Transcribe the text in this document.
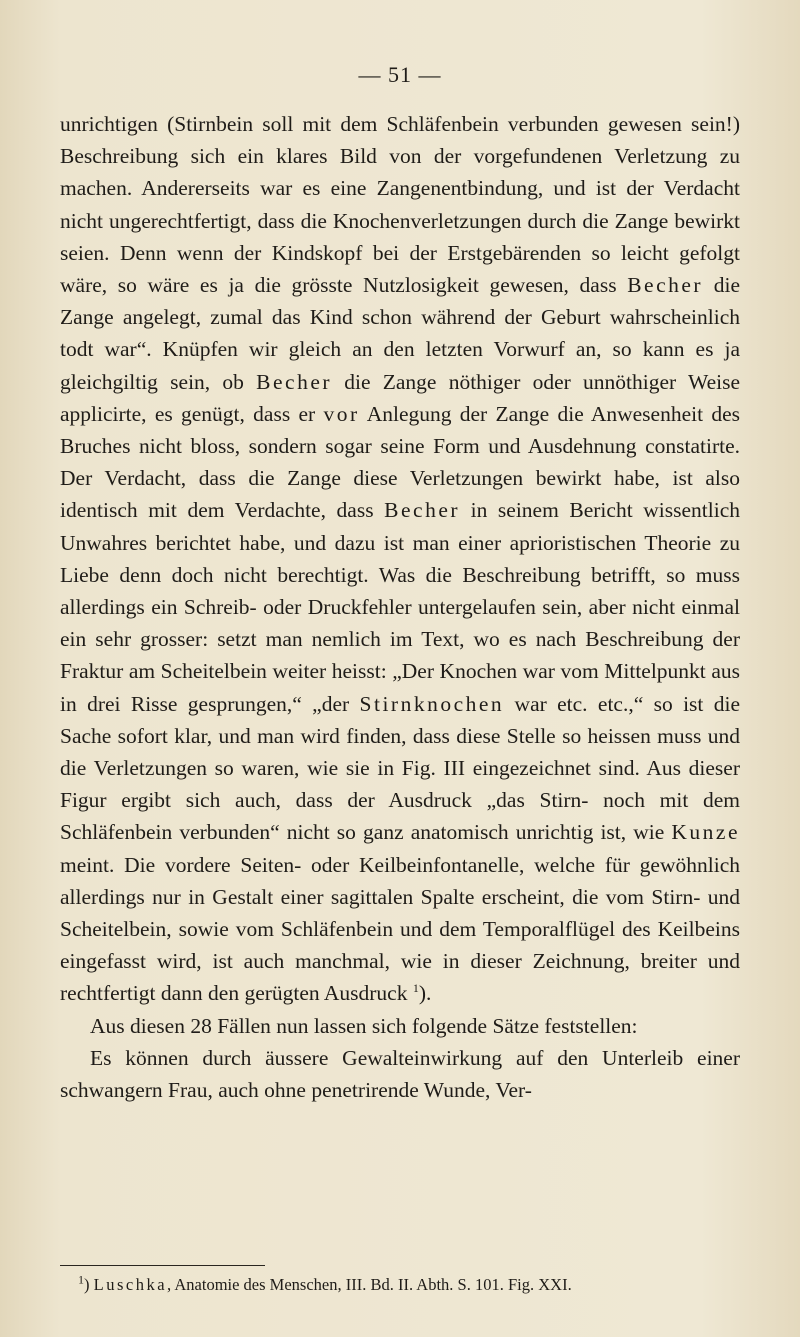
— 51 —

unrichtigen (Stirnbein soll mit dem Schläfenbein verbunden gewesen sein!) Beschreibung sich ein klares Bild von der vorgefundenen Verletzung zu machen. Andererseits war es eine Zangenentbindung, und ist der Verdacht nicht ungerechtfertigt, dass die Knochenverletzungen durch die Zange bewirkt seien. Denn wenn der Kindskopf bei der Erstgebärenden so leicht gefolgt wäre, so wäre es ja die grösste Nutzlosigkeit gewesen, dass Becher die Zange angelegt, zumal das Kind schon während der Geburt wahrscheinlich todt war“. Knüpfen wir gleich an den letzten Vorwurf an, so kann es ja gleichgiltig sein, ob Becher die Zange nöthiger oder unnöthiger Weise applicirte, es genügt, dass er vor Anlegung der Zange die Anwesenheit des Bruches nicht bloss, sondern sogar seine Form und Ausdehnung constatirte. Der Verdacht, dass die Zange diese Verletzungen bewirkt habe, ist also identisch mit dem Verdachte, dass Becher in seinem Bericht wissentlich Unwahres berichtet habe, und dazu ist man einer aprioristischen Theorie zu Liebe denn doch nicht berechtigt. Was die Beschreibung betrifft, so muss allerdings ein Schreib- oder Druckfehler untergelaufen sein, aber nicht einmal ein sehr grosser: setzt man nemlich im Text, wo es nach Beschreibung der Fraktur am Scheitelbein weiter heisst: „Der Knochen war vom Mittelpunkt aus in drei Risse gesprungen,“ „der Stirnknochen war etc. etc.,“ so ist die Sache sofort klar, und man wird finden, dass diese Stelle so heissen muss und die Verletzungen so waren, wie sie in Fig. III eingezeichnet sind. Aus dieser Figur ergibt sich auch, dass der Ausdruck „das Stirn- noch mit dem Schläfenbein verbunden“ nicht so ganz anatomisch unrichtig ist, wie Kunze meint. Die vordere Seiten- oder Keilbeinfontanelle, welche für gewöhnlich allerdings nur in Gestalt einer sagittalen Spalte erscheint, die vom Stirn- und Scheitelbein, sowie vom Schläfenbein und dem Temporalflügel des Keilbeins eingefasst wird, ist auch manchmal, wie in dieser Zeichnung, breiter und rechtfertigt dann den gerügten Ausdruck $^1$).

Aus diesen 28 Fällen nun lassen sich folgende Sätze feststellen:

Es können durch äussere Gewalteinwirkung auf den Unterleib einer schwangern Frau, auch ohne penetrirende Wunde, Ver-

$^1$) Luschka, Anatomie des Menschen, III. Bd. II. Abth. S. 101. Fig. XXI.
